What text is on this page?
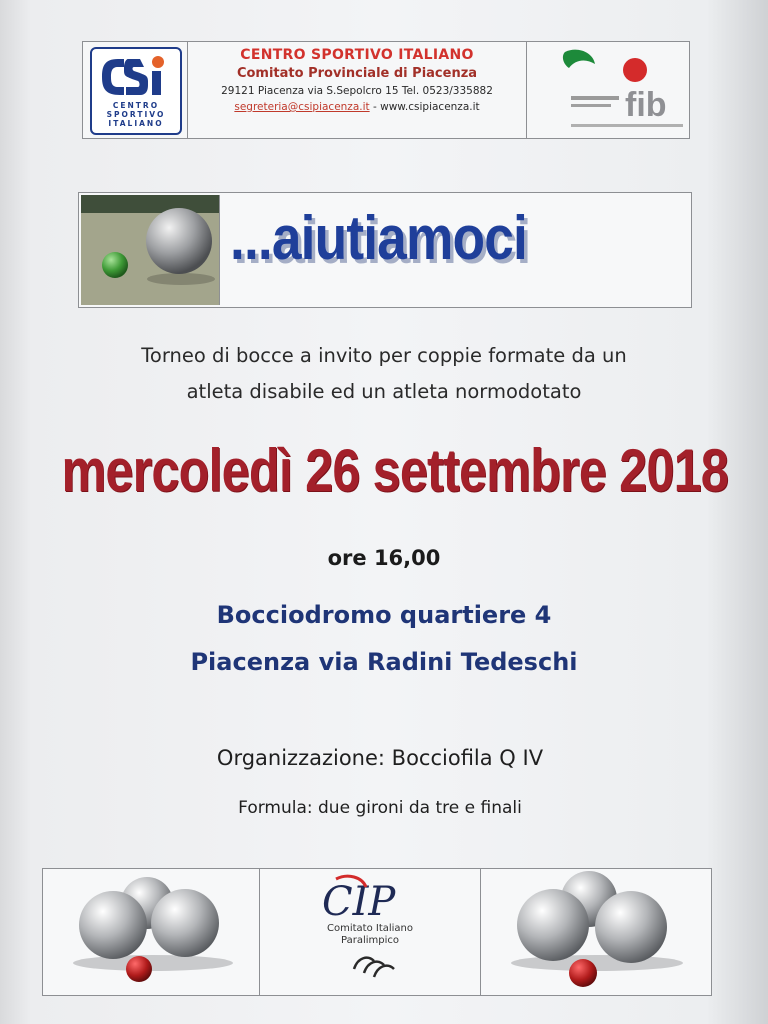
CENTRO SPORTIVO ITALIANO
CENTRO SPORTIVO ITALIANO
Comitato Provinciale di Piacenza
29121 Piacenza via S.Sepolcro 15 Tel. 0523/335882
segreteria@csipiacenza.it - www.csipiacenza.it	fib
...aiutiamoci
Torneo di bocce a invito per coppie formate da un
atleta disabile ed un atleta normodotato
mercoledì 26 settembre 2018
ore 16,00
Bocciodromo quartiere 4
Piacenza via Radini Tedeschi
Organizzazione: Bocciofila Q IV
Formula: due gironi da tre e finali
CIP
Comitato Italiano
Paralimpico
